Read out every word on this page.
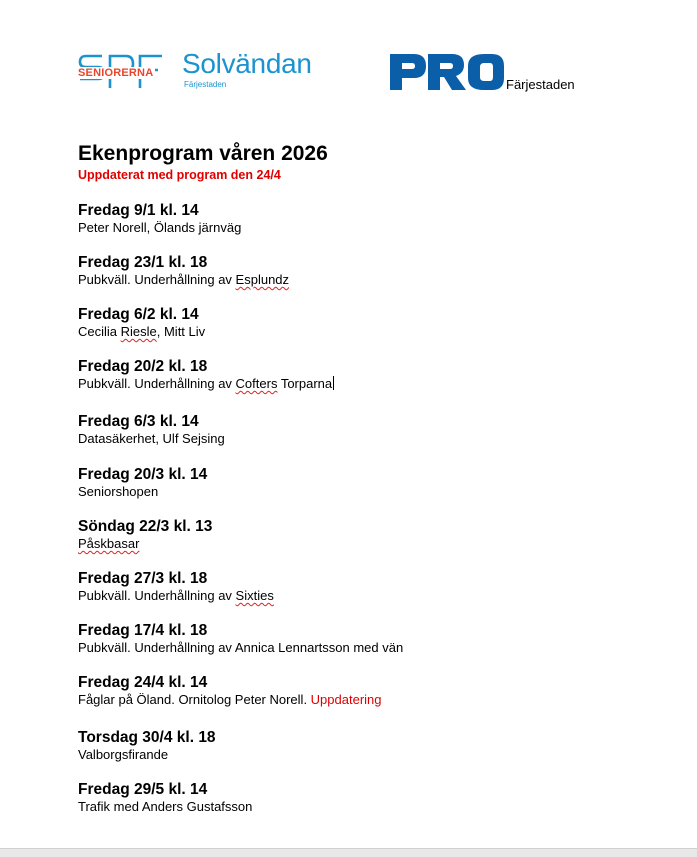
SENIORERNA Solvändan
Färjestaden	Färjestaden
Ekenprogram våren 2026
Uppdaterat med program den 24/4
Fredag 9/1 kl. 14
Peter Norell, Ölands järnväg
Fredag 23/1 kl. 18
Pubkväll. Underhållning av Esplundz
Fredag 6/2 kl. 14
Cecilia Riesle, Mitt Liv
Fredag 20/2 kl. 18
Pubkväll. Underhållning av Cofters Torparna
Fredag 6/3 kl. 14
Datasäkerhet, Ulf Sejsing
Fredag 20/3 kl. 14
Seniorshopen
Söndag 22/3 kl. 13
Påskbasar
Fredag 27/3 kl. 18
Pubkväll. Underhållning av Sixties
Fredag 17/4 kl. 18
Pubkväll. Underhållning av Annica Lennartsson med vän
Fredag 24/4 kl. 14
Fåglar på Öland. Ornitolog Peter Norell. Uppdatering
Torsdag 30/4 kl. 18
Valborgsfirande
Fredag 29/5 kl. 14
Trafik med Anders Gustafsson
